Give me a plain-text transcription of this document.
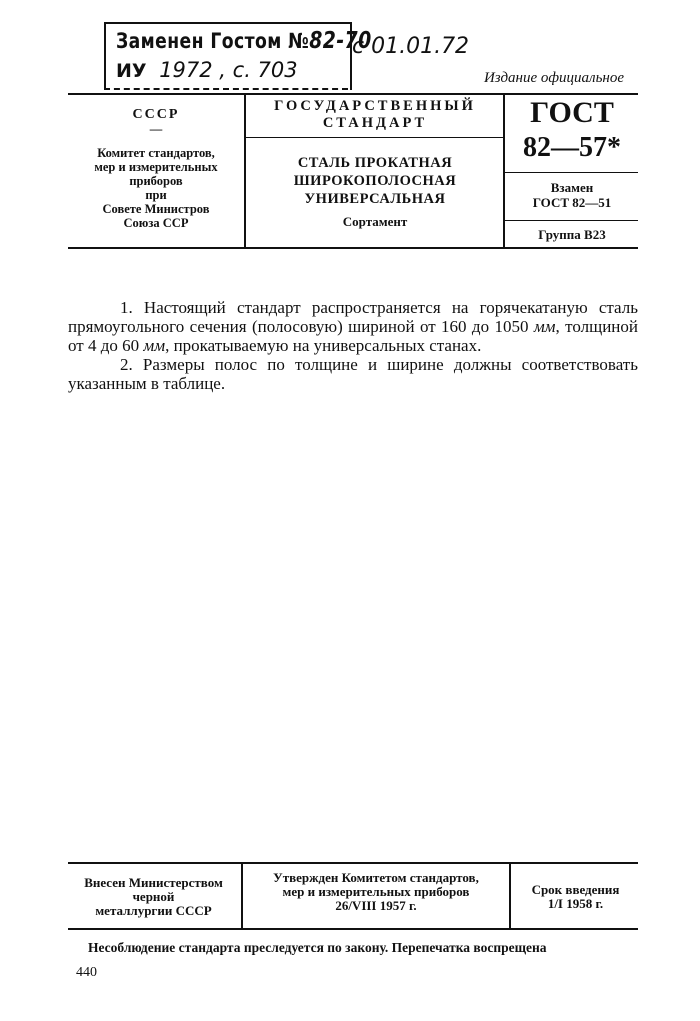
Заменен Гостом №82-70
с 01.01.72
ИУ 1972 , с. 703	Издание официальное
СССР
—
Комитет стандартов,
мер и измерительных
приборов
при
Совете Министров
Союза ССР
ГОСУДАРСТВЕННЫЙ
СТАНДАРТ
СТАЛЬ ПРОКАТНАЯ
ШИРОКОПОЛОСНАЯ
УНИВЕРСАЛЬНАЯ
Сортамент
ГОСТ
82—57*
Взамен
ГОСТ 82—51
Группа В23

1. Настоящий стандарт распространяется на горячекатаную сталь прямоугольного сечения (полосовую) шириной от 160 до 1050 мм, толщиной от 4 до 60 мм, прокатываемую на универсальных станах.

2. Размеры полос по толщине и ширине должны соответствовать указанным в таблице.

Внесен Министерством
черной
металлургии СССР
Утвержден Комитетом стандартов,
мер и измерительных приборов
26/VIII 1957 г.
Срок введения
1/I 1958 г.
Несоблюдение стандарта преследуется по закону. Перепечатка воспрещена
440
